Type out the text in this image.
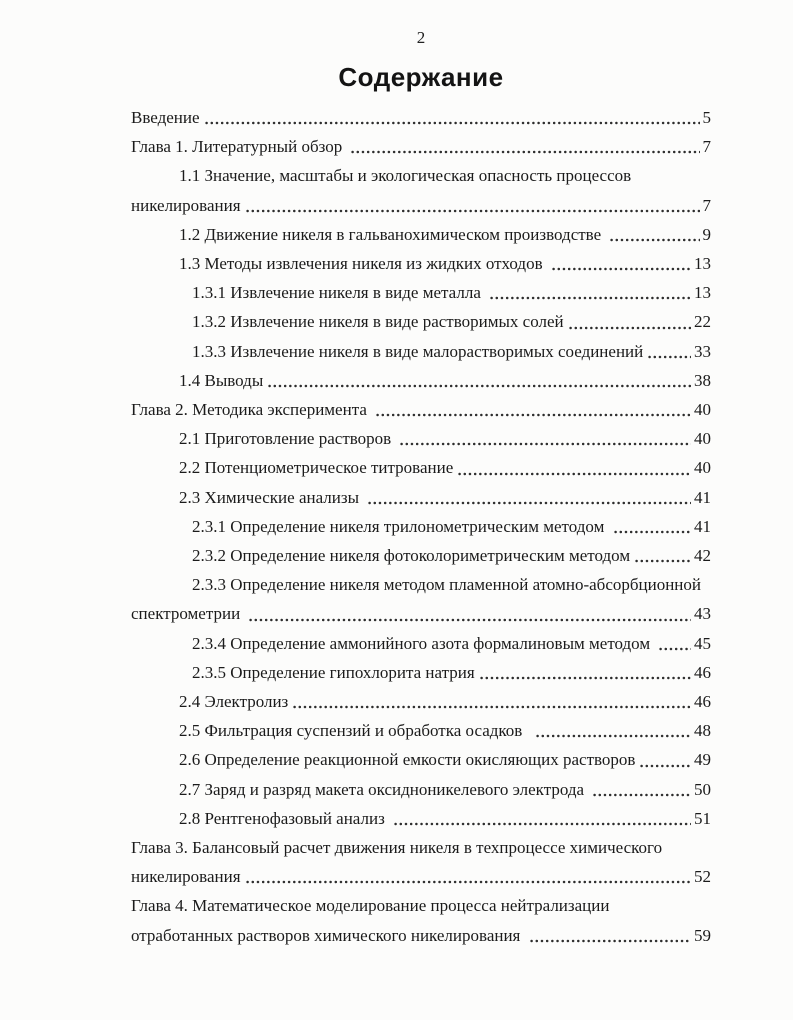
2
Содержание
Введение	5
Глава 1. Литературный обзор	7
1.1 Значение, масштабы и экологическая опасность процессов
никелирования	7
1.2 Движение никеля в гальванохимическом производстве	9
1.3 Методы извлечения никеля из жидких отходов	13
1.3.1 Извлечение никеля в виде металла	13
1.3.2 Извлечение никеля в виде растворимых солей	22
1.3.3 Извлечение никеля в виде малорастворимых соединений	33
1.4 Выводы	38
Глава 2. Методика эксперимента	40
2.1 Приготовление растворов	40
2.2 Потенциометрическое титрование	40
2.3 Химические анализы	41
2.3.1 Определение никеля трилонометрическим методом	41
2.3.2 Определение никеля фотоколориметрическим методом	42
2.3.3 Определение никеля методом пламенной атомно-абсорбционной
спектрометрии	43
2.3.4 Определение аммонийного азота формалиновым методом 45
2.3.5 Определение гипохлорита натрия	46
2.4 Электролиз	46
2.5 Фильтрация суспензий и обработка осадков	48
2.6 Определение реакционной емкости окисляющих растворов	49
2.7 Заряд и разряд макета оксидноникелевого электрода	50
2.8 Рентгенофазовый анализ	51
Глава 3. Балансовый расчет движения никеля в техпроцессе химического
никелирования	52
Глава 4. Математическое моделирование процесса нейтрализации
отработанных растворов химического никелирования	59
